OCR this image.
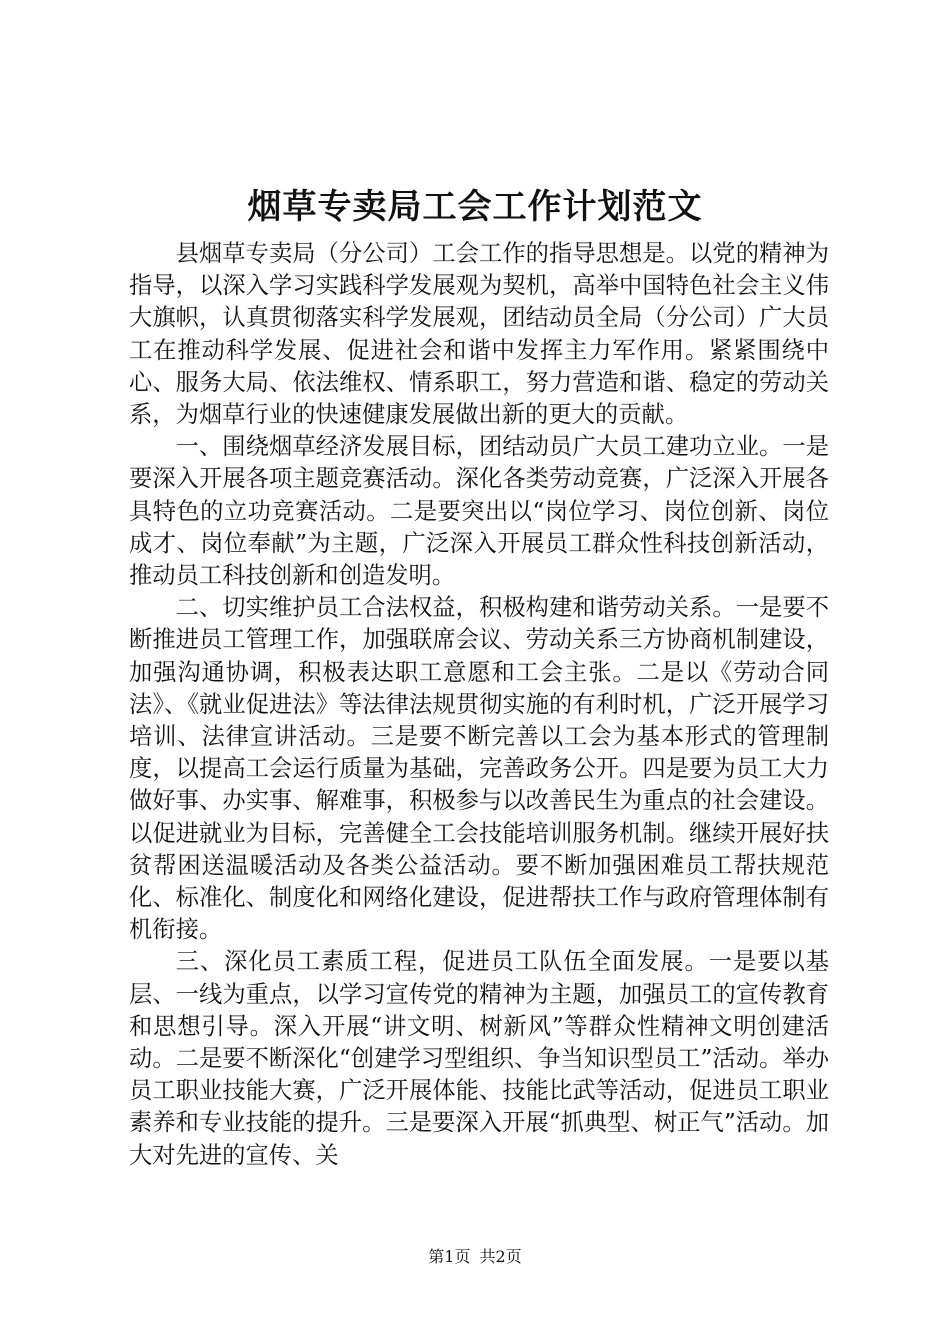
烟草专卖局工会工作计划范文

县烟草专卖局（分公司）工会工作的指导思想是。以党的精神为指导，以深入学习实践科学发展观为契机，高举中国特色社会主义伟大旗帜，认真贯彻落实科学发展观，团结动员全局（分公司）广大员工在推动科学发展、促进社会和谐中发挥主力军作用。紧紧围绕中心、服务大局、依法维权、情系职工，努力营造和谐、稳定的劳动关系，为烟草行业的快速健康发展做出新的更大的贡献。

一、围绕烟草经济发展目标，团结动员广大员工建功立业。一是要深入开展各项主题竞赛活动。深化各类劳动竞赛，广泛深入开展各具特色的立功竞赛活动。二是要突出以“岗位学习、岗位创新、岗位成才、岗位奉献”为主题，广泛深入开展员工群众性科技创新活动，推动员工科技创新和创造发明。

二、切实维护员工合法权益，积极构建和谐劳动关系。一是要不断推进员工管理工作，加强联席会议、劳动关系三方协商机制建设，加强沟通协调，积极表达职工意愿和工会主张。二是以《劳动合同法》、《就业促进法》等法律法规贯彻实施的有利时机，广泛开展学习培训、法律宣讲活动。三是要不断完善以工会为基本形式的管理制度，以提高工会运行质量为基础，完善政务公开。四是要为员工大力做好事、办实事、解难事，积极参与以改善民生为重点的社会建设。以促进就业为目标，完善健全工会技能培训服务机制。继续开展好扶贫帮困送温暖活动及各类公益活动。要不断加强困难员工帮扶规范化、标准化、制度化和网络化建设，促进帮扶工作与政府管理体制有机衔接。

三、深化员工素质工程，促进员工队伍全面发展。一是要以基层、一线为重点，以学习宣传党的精神为主题，加强员工的宣传教育和思想引导。深入开展“讲文明、树新风”等群众性精神文明创建活动。二是要不断深化“创建学习型组织、争当知识型员工”活动。举办员工职业技能大赛，广泛开展体能、技能比武等活动，促进员工职业素养和专业技能的提升。三是要深入开展“抓典型、树正气”活动。加大对先进的宣传、关

第1页 共2页
